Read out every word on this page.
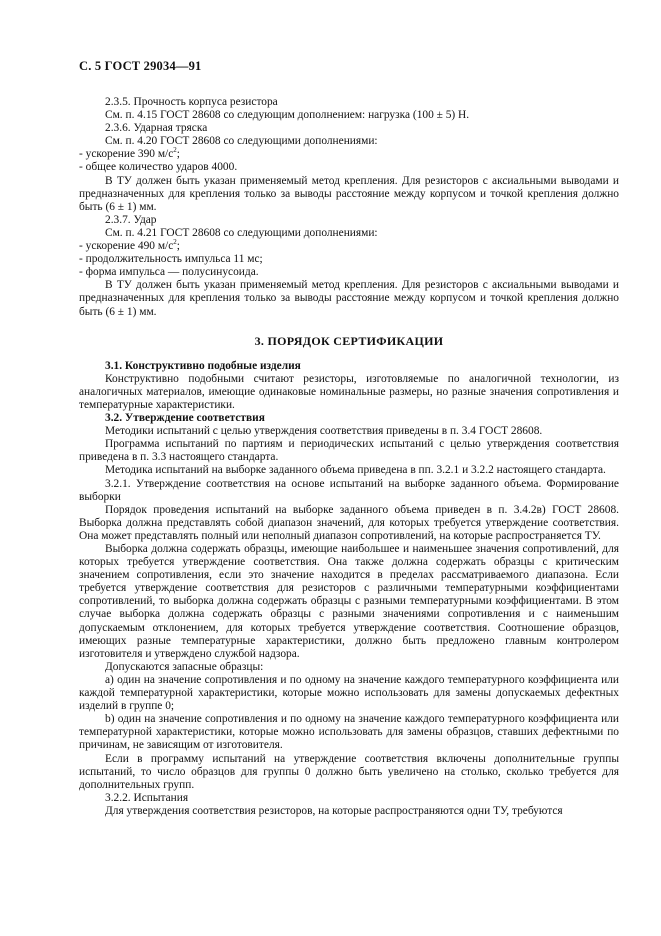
С. 5 ГОСТ 29034—91

2.3.5. Прочность корпуса резистора

См. п. 4.15 ГОСТ 28608 со следующим дополнением: нагрузка (100 ± 5) Н.

2.3.6. Ударная тряска

См. п. 4.20 ГОСТ 28608 со следующими дополнениями:

- ускорение 390 $м/с^2$;

- общее количество ударов 4000.

В ТУ должен быть указан применяемый метод крепления. Для резисторов с аксиальными выводами и предназначенных для крепления только за выводы расстояние между корпусом и точкой крепления должно быть (6 ± 1) мм.

2.3.7. Удар

См. п. 4.21 ГОСТ 28608 со следующими дополнениями:

- ускорение 490 $м/с^2$;

- продолжительность импульса 11 мс;

- форма импульса — полусинусоида.

В ТУ должен быть указан применяемый метод крепления. Для резисторов с аксиальными выводами и предназначенных для крепления только за выводы расстояние между корпусом и точкой крепления должно быть (6 ± 1) мм.

3. ПОРЯДОК СЕРТИФИКАЦИИ

3.1. Конструктивно подобные изделия

Конструктивно подобными считают резисторы, изготовляемые по аналогичной технологии, из аналогичных материалов, имеющие одинаковые номинальные размеры, но разные значения сопротивления и температурные характеристики.

3.2. Утверждение соответствия

Методики испытаний с целью утверждения соответствия приведены в п. 3.4 ГОСТ 28608.

Программа испытаний по партиям и периодических испытаний с целью утверждения соответствия приведена в п. 3.3 настоящего стандарта.

Методика испытаний на выборке заданного объема приведена в пп. 3.2.1 и 3.2.2 настоящего стандарта.

3.2.1. Утверждение соответствия на основе испытаний на выборке заданного объема. Формирование выборки

Порядок проведения испытаний на выборке заданного объема приведен в п. 3.4.2в) ГОСТ 28608. Выборка должна представлять собой диапазон значений, для которых требуется утверждение соответствия. Она может представлять полный или неполный диапазон сопротивлений, на которые распространяется ТУ.

Выборка должна содержать образцы, имеющие наибольшее и наименьшее значения сопротивлений, для которых требуется утверждение соответствия. Она также должна содержать образцы с критическим значением сопротивления, если это значение находится в пределах рассматриваемого диапазона. Если требуется утверждение соответствия для резисторов с различными температурными коэффициентами сопротивлений, то выборка должна содержать образцы с разными температурными коэффициентами. В этом случае выборка должна содержать образцы с разными значениями сопротивления и с наименьшим допускаемым отклонением, для которых требуется утверждение соответствия. Соотношение образцов, имеющих разные температурные характеристики, должно быть предложено главным контролером изготовителя и утверждено службой надзора.

Допускаются запасные образцы:

a) один на значение сопротивления и по одному на значение каждого температурного коэффициента или каждой температурной характеристики, которые можно использовать для замены допускаемых дефектных изделий в группе 0;

b) один на значение сопротивления и по одному на значение каждого температурного коэффициента или температурной характеристики, которые можно использовать для замены образцов, ставших дефектными по причинам, не зависящим от изготовителя.

Если в программу испытаний на утверждение соответствия включены дополнительные группы испытаний, то число образцов для группы 0 должно быть увеличено на столько, сколько требуется для дополнительных групп.

3.2.2. Испытания

Для утверждения соответствия резисторов, на которые распространяются одни ТУ, требуются
